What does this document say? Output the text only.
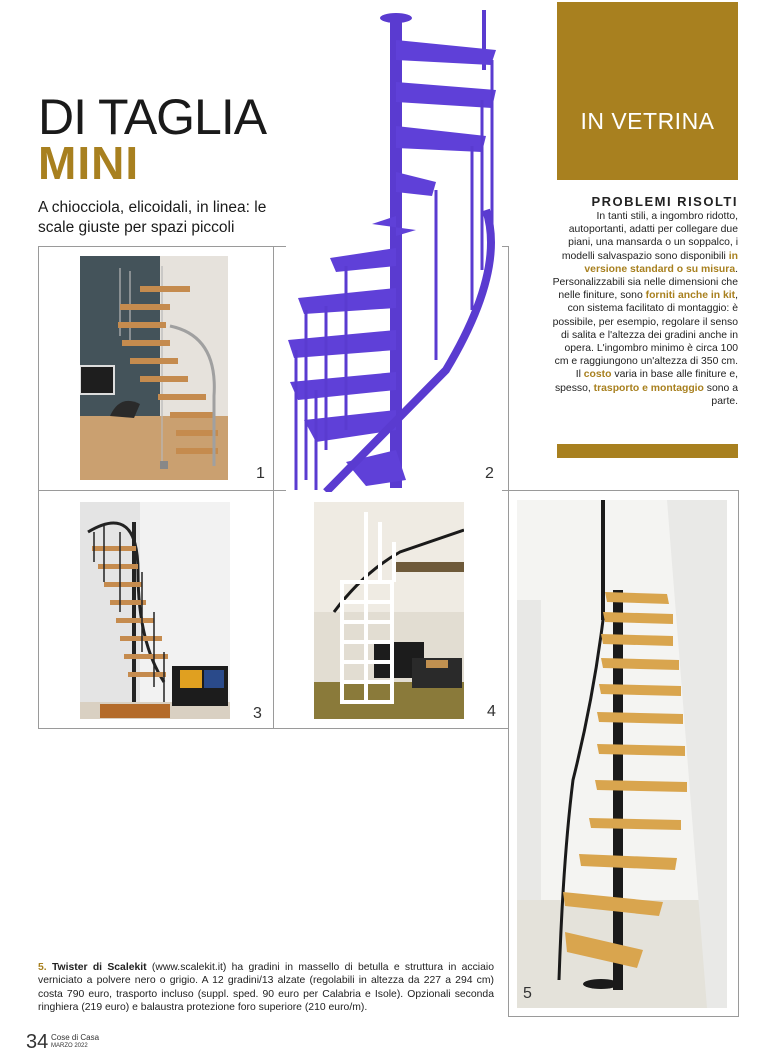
DI TAGLIA
MINI
A chiocciola, elicoidali, in linea: le scale giuste per spazi piccoli
1	2
3	4
5
IN VETRINA
PROBLEMI RISOLTI
In tanti stili, a ingombro ridotto, autoportanti, adatti per collegare due piani, una mansarda o un soppalco, i modelli salvaspazio sono disponibili in versione standard o su misura. Personalizzabili sia nelle dimensioni che nelle finiture, sono forniti anche in kit, con sistema facilitato di montaggio: è possibile, per esempio, regolare il senso di salita e l'altezza dei gradini anche in opera. L'ingombro minimo è circa 100 cm e raggiungono un'altezza di 350 cm. Il costo varia in base alle finiture e, spesso, trasporto e montaggio sono a parte.
5. Twister di Scalekit (www.scalekit.it) ha gradini in massello di betulla e struttura in acciaio verniciato a polvere nero o grigio. A 12 gradini/13 alzate (regolabili in altezza da 227 a 294 cm) costa 790 euro, trasporto incluso (suppl. sped. 90 euro per Calabria e Isole). Opzionali seconda ringhiera (219 euro) e balaustra protezione foro superiore (210 euro/m).
34 Cose di Casa
MARZO 2022
